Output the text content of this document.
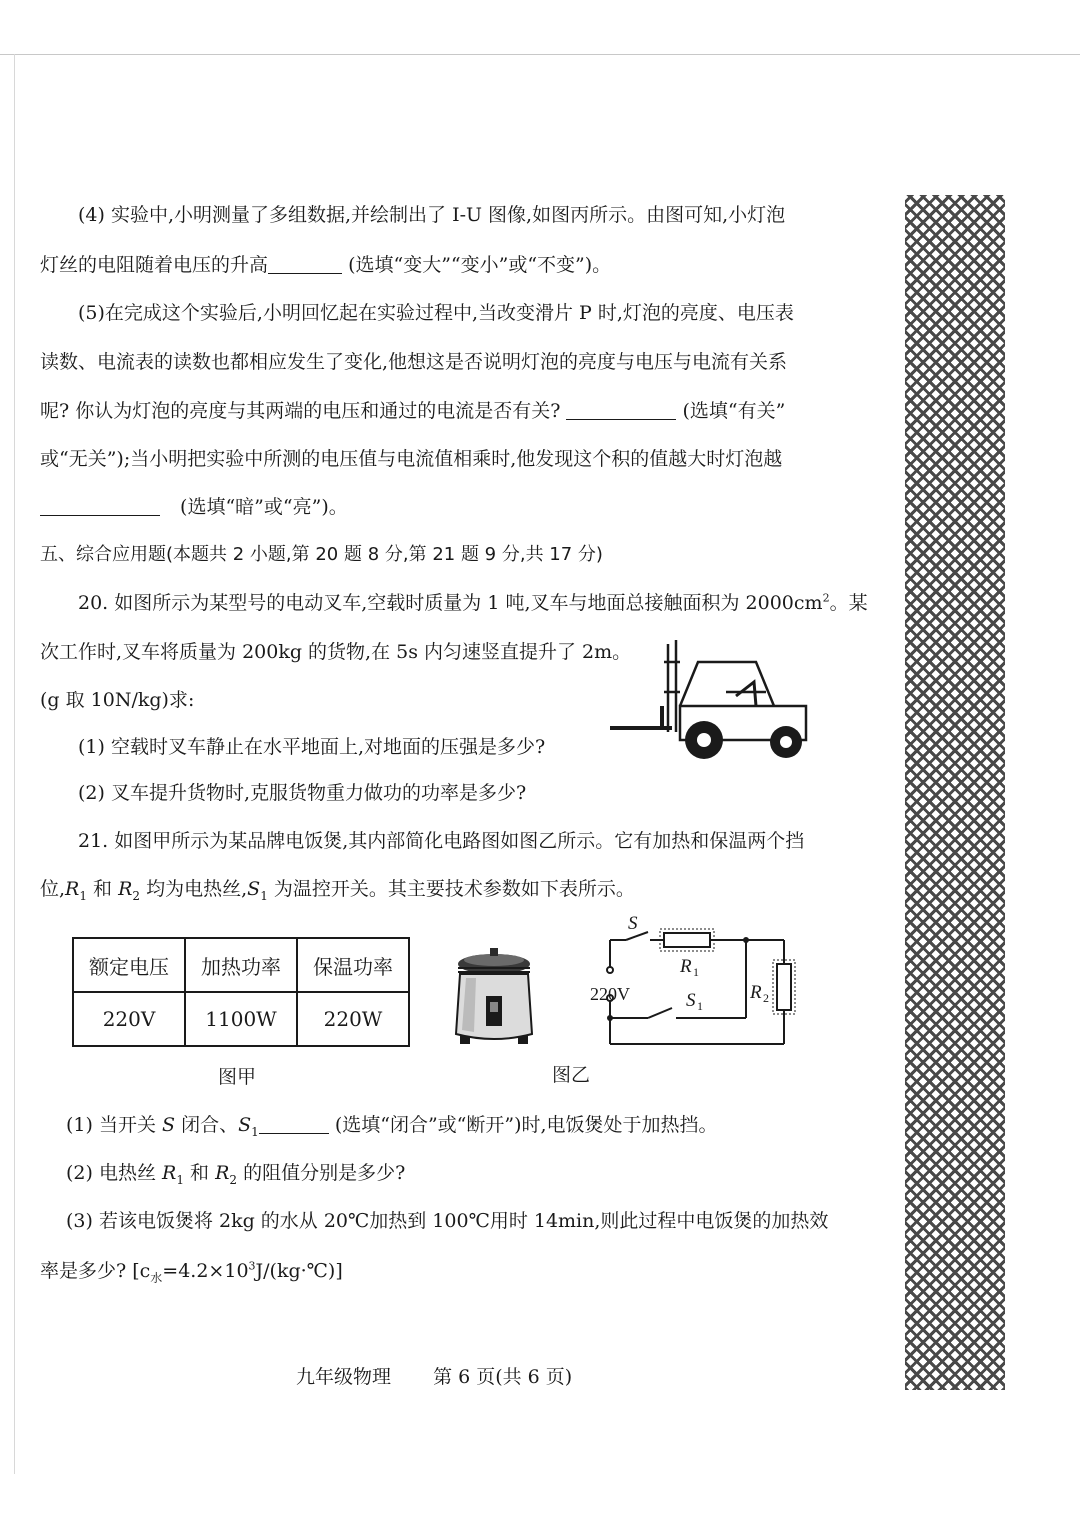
(4) 实验中,小明测量了多组数据,并绘制出了 I-U 图像,如图丙所示。由图可知,小灯泡
灯丝的电阻随着电压的升高	(选填“变大”“变小”或“不变”)。
(5)在完成这个实验后,小明回忆起在实验过程中,当改变滑片 P 时,灯泡的亮度、电压表
读数、电流表的读数也都相应发生了变化,他想这是否说明灯泡的亮度与电压与电流有关系
呢? 你认为灯泡的亮度与其两端的电压和通过的电流是否有关?	(选填“有关”
或“无关”);当小明把实验中所测的电压值与电流值相乘时,他发现这个积的值越大时灯泡越
(选填“暗”或“亮”)。
五、综合应用题(本题共 2 小题,第 20 题 8 分,第 21 题 9 分,共 17 分)
20. 如图所示为某型号的电动叉车,空载时质量为 1 吨,叉车与地面总接触面积为 $2000cm^2$。某
次工作时,叉车将质量为 200kg 的货物,在 5s 内匀速竖直提升了 2m。
(g 取 10N/kg)求:
(1) 空载时叉车静止在水平地面上,对地面的压强是多少?
(2) 叉车提升货物时,克服货物重力做功的功率是多少?
21. 如图甲所示为某品牌电饭煲,其内部简化电路图如图乙所示。它有加热和保温两个挡
位$,R_1$ 和 $R_2$ 均为电热丝$,S_1$ 为温控开关。其主要技术参数如下表所示。
额定电压	加热功率	保温功率
220V	1100W	220W
图甲	图乙
S
R 1
220V	S 1
R 2
(1) 当开关 S 闭合、$S_1$	(选填“闭合”或“断开”)时,电饭煲处于加热挡。
(2) 电热丝 $R_1$ 和 $R_2$ 的阻值分别是多少?
(3) 若该电饭煲将 2kg 的水从 20℃加热到 100℃用时 14min,则此过程中电饭煲的加热效
率是多少? $[c_水=4.2\times 10^3J/(kg\cdot℃)]$
九年级物理 第 6 页(共 6 页)
